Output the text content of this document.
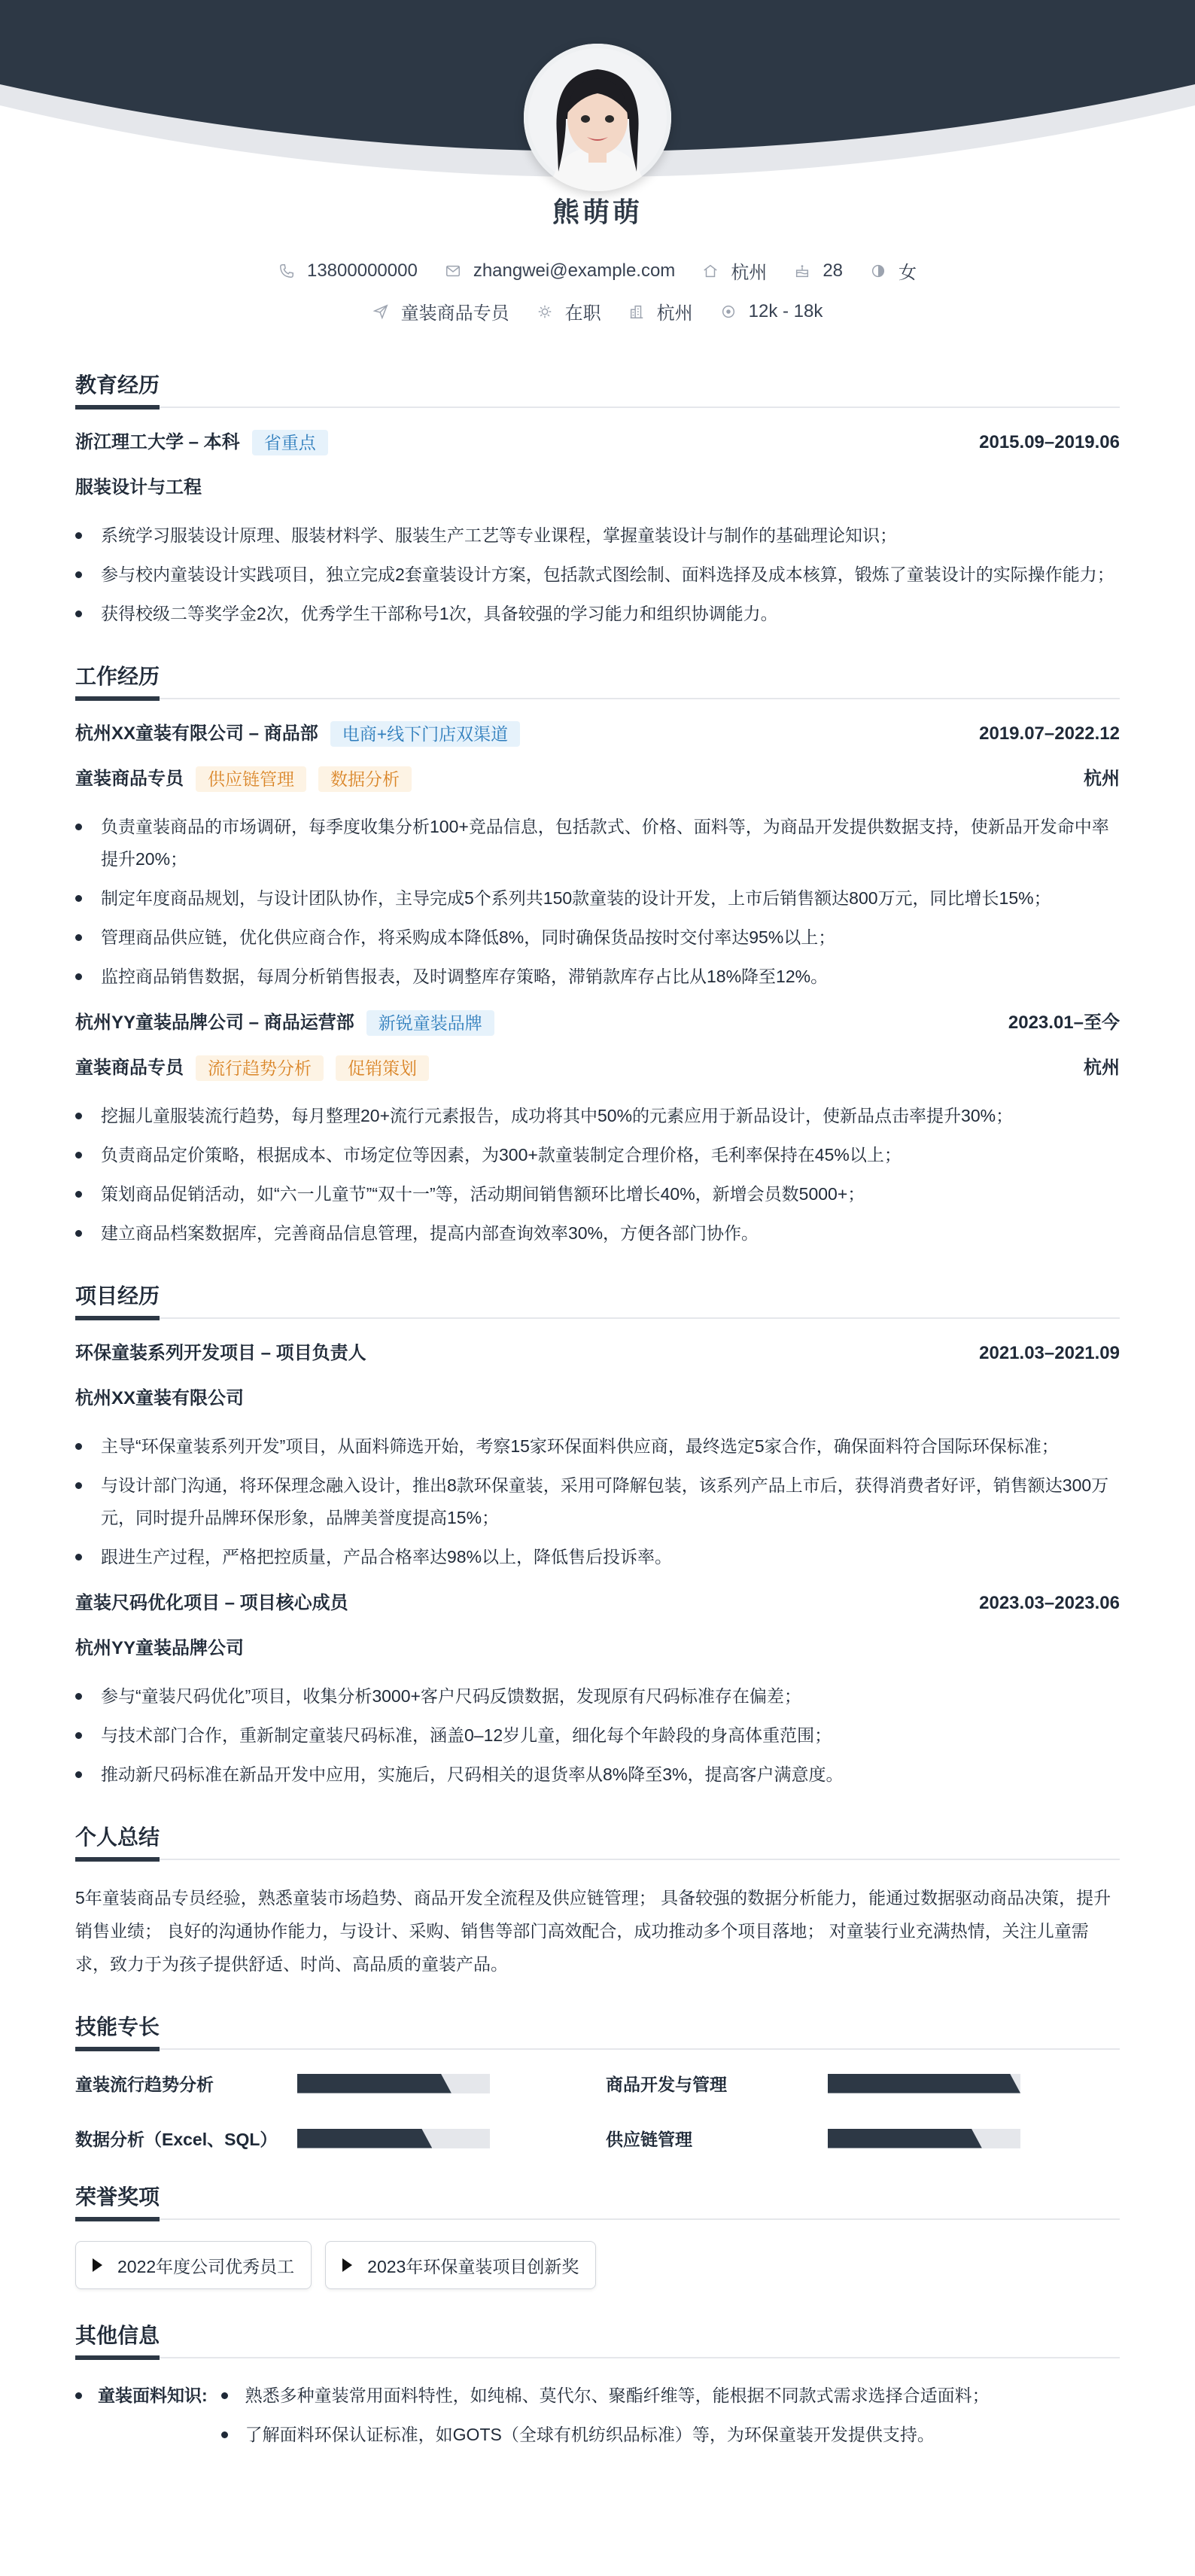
熊萌萌
13800000000	zhangwei@example.com	杭州	28	女
童装商品专员	在职	杭州	12k - 18k
教育经历
浙江理工大学 – 本科	省重点	2015.09–2019.06
服装设计与工程
系统学习服装设计原理、服装材料学、服装生产工艺等专业课程，掌握童装设计与制作的基础理论知识；
参与校内童装设计实践项目，独立完成2套童装设计方案，包括款式图绘制、面料选择及成本核算，锻炼了童装设计的实际操作能力；
获得校级二等奖学金2次，优秀学生干部称号1次，具备较强的学习能力和组织协调能力。
工作经历
杭州XX童装有限公司 – 商品部	电商+线下门店双渠道	2019.07–2022.12
童装商品专员	供应链管理	数据分析	杭州
负责童装商品的市场调研，每季度收集分析100+竞品信息，包括款式、价格、面料等，为商品开发提供数据支持，使新品开发命中率提升20%；
制定年度商品规划，与设计团队协作，主导完成5个系列共150款童装的设计开发，上市后销售额达800万元，同比增长15%；
管理商品供应链，优化供应商合作，将采购成本降低8%，同时确保货品按时交付率达95%以上；
监控商品销售数据，每周分析销售报表，及时调整库存策略，滞销款库存占比从18%降至12%。
杭州YY童装品牌公司 – 商品运营部	新锐童装品牌	2023.01–至今
童装商品专员	流行趋势分析	促销策划	杭州
挖掘儿童服装流行趋势，每月整理20+流行元素报告，成功将其中50%的元素应用于新品设计，使新品点击率提升30%；
负责商品定价策略，根据成本、市场定位等因素，为300+款童装制定合理价格，毛利率保持在45%以上；
策划商品促销活动，如“六一儿童节”“双十一”等，活动期间销售额环比增长40%，新增会员数5000+；
建立商品档案数据库，完善商品信息管理，提高内部查询效率30%，方便各部门协作。
项目经历
环保童装系列开发项目 – 项目负责人	2021.03–2021.09
杭州XX童装有限公司
主导“环保童装系列开发”项目，从面料筛选开始，考察15家环保面料供应商，最终选定5家合作，确保面料符合国际环保标准；
与设计部门沟通，将环保理念融入设计，推出8款环保童装，采用可降解包装，该系列产品上市后，获得消费者好评，销售额达300万元，同时提升品牌环保形象，品牌美誉度提高15%；
跟进生产过程，严格把控质量，产品合格率达98%以上，降低售后投诉率。
童装尺码优化项目 – 项目核心成员	2023.03–2023.06
杭州YY童装品牌公司
参与“童装尺码优化”项目，收集分析3000+客户尺码反馈数据，发现原有尺码标准存在偏差；
与技术部门合作，重新制定童装尺码标准，涵盖0–12岁儿童，细化每个年龄段的身高体重范围；
推动新尺码标准在新品开发中应用，实施后，尺码相关的退货率从8%降至3%，提高客户满意度。
个人总结
5年童装商品专员经验，熟悉童装市场趋势、商品开发全流程及供应链管理； 具备较强的数据分析能力，能通过数据驱动商品决策，提升销售业绩； 良好的沟通协作能力，与设计、采购、销售等部门高效配合，成功推动多个项目落地； 对童装行业充满热情，关注儿童需求，致力于为孩子提供舒适、时尚、高品质的童装产品。
技能专长
童装流行趋势分析	商品开发与管理
数据分析（Excel、SQL）	供应链管理
荣誉奖项
2022年度公司优秀员工	2023年环保童装项目创新奖
其他信息
童装面料知识:	熟悉多种童装常用面料特性，如纯棉、莫代尔、聚酯纤维等，能根据不同款式需求选择合适面料；
了解面料环保认证标准，如GOTS（全球有机纺织品标准）等，为环保童装开发提供支持。
